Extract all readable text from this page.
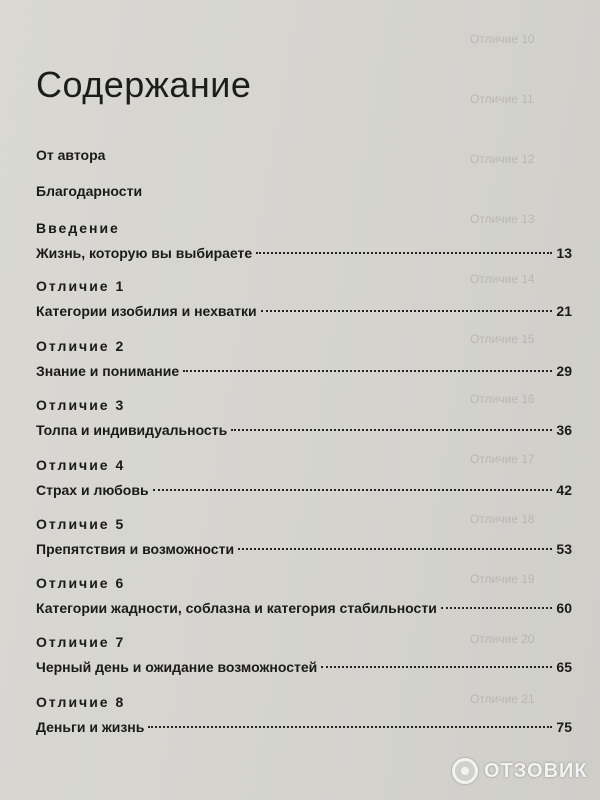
Отличие 10
Отличие 11
Отличие 12
Отличие 13
Отличие 14
Отличие 15
Отличие 16
Отличие 17
Отличие 18
Отличие 19
Отличие 20
Отличие 21
Содержание
От автора
Благодарности
Введение
Жизнь, которую вы выбираете	13
Отличие 1
Категории изобилия и нехватки	21
Отличие 2
Знание и понимание	29
Отличие 3
Толпа и индивидуальность	36
Отличие 4
Страх и любовь	42
Отличие 5
Препятствия и возможности	53
Отличие 6
Категории жадности, соблазна и категория стабильности	60
Отличие 7
Черный день и ожидание возможностей	65
Отличие 8
Деньги и жизнь	75
ОТЗОВИК
